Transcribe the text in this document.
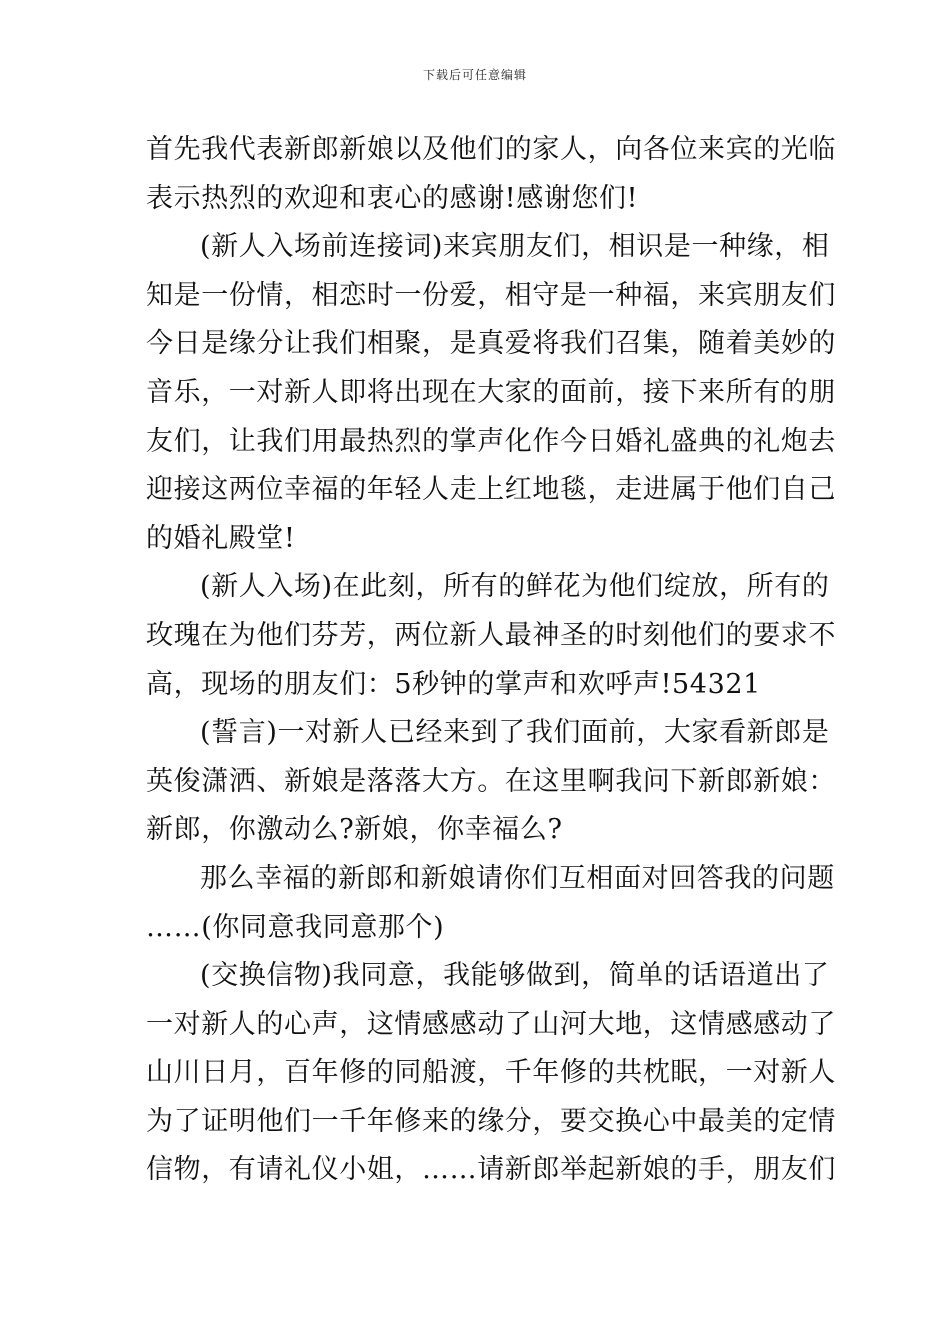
下载后可任意编辑

首先我代表新郎新娘以及他们的家人，向各位来宾的光临
表示热烈的欢迎和衷心的感谢!感谢您们!

(新人入场前连接词)来宾朋友们，相识是一种缘，相
知是一份情，相恋时一份爱，相守是一种福，来宾朋友们
今日是缘分让我们相聚，是真爱将我们召集，随着美妙的
音乐，一对新人即将出现在大家的面前，接下来所有的朋
友们，让我们用最热烈的掌声化作今日婚礼盛典的礼炮去
迎接这两位幸福的年轻人走上红地毯，走进属于他们自己
的婚礼殿堂!

(新人入场)在此刻，所有的鲜花为他们绽放，所有的
玫瑰在为他们芬芳，两位新人最神圣的时刻他们的要求不
高，现场的朋友们：5秒钟的掌声和欢呼声!54321

(誓言)一对新人已经来到了我们面前，大家看新郎是
英俊潇洒、新娘是落落大方。在这里啊我问下新郎新娘：
新郎，你激动么?新娘，你幸福么?

那么幸福的新郎和新娘请你们互相面对回答我的问题
……(你同意我同意那个)

(交换信物)我同意，我能够做到，简单的话语道出了
一对新人的心声，这情感感动了山河大地，这情感感动了
山川日月，百年修的同船渡，千年修的共枕眠，一对新人
为了证明他们一千年修来的缘分，要交换心中最美的定情
信物，有请礼仪小姐，……请新郎举起新娘的手，朋友们
